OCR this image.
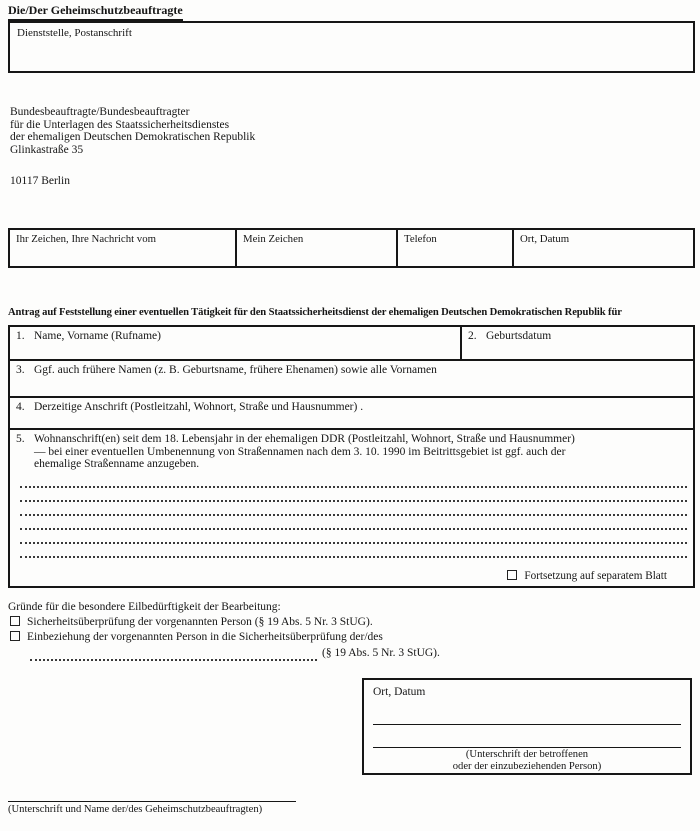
Die/Der Geheimschutzbeauftragte
Dienststelle, Postanschrift
Bundesbeauftragte/Bundesbeauftragter
für die Unterlagen des Staatssicherheitsdienstes
der ehemaligen Deutschen Demokratischen Republik
Glinkastraße 35
10117 Berlin
Ihr Zeichen, Ihre Nachricht vom	Mein Zeichen	Telefon	Ort, Datum
Antrag auf Feststellung einer eventuellen Tätigkeit für den Staatssicherheitsdienst der ehemaligen Deutschen Demokratischen Republik für
1. Name, Vorname (Rufname)	2. Geburtsdatum
3. Ggf. auch frühere Namen (z. B. Geburtsname, frühere Ehenamen) sowie alle Vornamen
4. Derzeitige Anschrift (Postleitzahl, Wohnort, Straße und Hausnummer) .
5. Wohnanschrift(en) seit dem 18. Lebensjahr in der ehemaligen DDR (Postleitzahl, Wohnort, Straße und Hausnummer)
— bei einer eventuellen Umbenennung von Straßennamen nach dem 3. 10. 1990 im Beitrittsgebiet ist ggf. auch der
ehemalige Straßenname anzugeben.
Fortsetzung auf separatem Blatt
Gründe für die besondere Eilbedürftigkeit der Bearbeitung:
Sicherheitsüberprüfung der vorgenannten Person (§ 19 Abs. 5 Nr. 3 StUG).
Einbeziehung der vorgenannten Person in die Sicherheitsüberprüfung der/des
(§ 19 Abs. 5 Nr. 3 StUG).
Ort, Datum
(Unterschrift der betroffenen
oder der einzubeziehenden Person)
(Unterschrift und Name der/des Geheimschutzbeauftragten)
